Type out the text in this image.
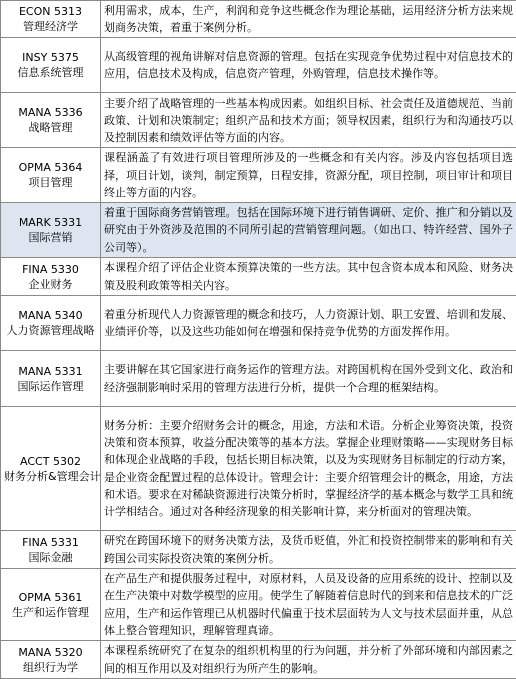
ECON 5313
管理经济学	利用需求，成本，生产，利润和竞争这些概念作为理论基础，运用经济分析方法来规划商务决策，着重于案例分析。

INSY 5375
信息系统管理	从高级管理的视角讲解对信息资源的管理。包括在实现竞争优势过程中对信息技术的应用，信息技术及构成，信息资产管理，外购管理，信息技术操作等。

MANA 5336
战略管理	主要介绍了战略管理的一些基本构成因素。如组织目标、社会责任及道德规范、当前政策、计划和决策制定；组织产品和技术方面；领导权因素，组织行为和沟通技巧以及控制因素和绩效评估等方面的内容。

OPMA 5364
项目管理	课程涵盖了有效进行项目管理所涉及的一些概念和有关内容。涉及内容包括项目选择，项目计划，谈判，制定预算，日程安排，资源分配，项目控制，项目审计和项目终止等方面的内容。

MARK 5331
国际营销	着重于国际商务营销管理。包括在国际环境下进行销售调研、定价、推广和分销以及研究由于外资涉及范围的不同所引起的营销管理问题。（如出口、特许经营、国外子公司等）。

FINA 5330
企业财务	本课程介绍了评估企业资本预算决策的一些方法。其中包含资本成本和风险、财务决策及股利政策等相关内容。

MANA 5340
人力资源管理战略	着重分析现代人力资源管理的概念和技巧，人力资源计划、职工安置、培训和发展、业绩评价等，以及这些功能如何在增强和保持竞争优势的方面发挥作用。

MANA 5331
国际运作管理	主要讲解在其它国家进行商务运作的管理方法。对跨国机构在国外受到文化、政治和经济强制影响时采用的管理方法进行分析，提供一个合理的框架结构。

ACCT 5302
财务分析&管理会计	财务分析：主要介绍财务会计的概念，用途，方法和术语。分析企业筹资决策，投资决策和资本预算，收益分配决策等的基本方法。掌握企业理财策略——实现财务目标和体现企业战略的手段，包括长期目标决策，以及为实现财务目标制定的行动方案，是企业资金配置过程的总体设计。管理会计：主要介绍管理会计的概念，用途，方法和术语。要求在对稀缺资源进行决策分析时，掌握经济学的基本概念与数学工具和统计学相结合。通过对各种经济现象的相关影响计算，来分析面对的管理决策。

FINA 5331
国际金融	研究在跨国环境下的财务决策方法，及货币贬值，外汇和投资控制带来的影响和有关跨国公司实际投资决策的案例分析。

OPMA 5361
生产和运作管理	在产品生产和提供服务过程中，对原材料，人员及设备的应用系统的设计、控制以及在生产决策中对数学模型的应用。使学生了解随着信息时代的到来和信息技术的广泛应用，生产和运作管理已从机器时代偏重于技术层面转为人文与技术层面并重，从总体上整合管理知识，理解管理真谛。

MANA 5320
组织行为学	本课程系统研究了在复杂的组织机构里的行为问题，并分析了外部环境和内部因素之间的相互作用以及对组织行为所产生的影响。
